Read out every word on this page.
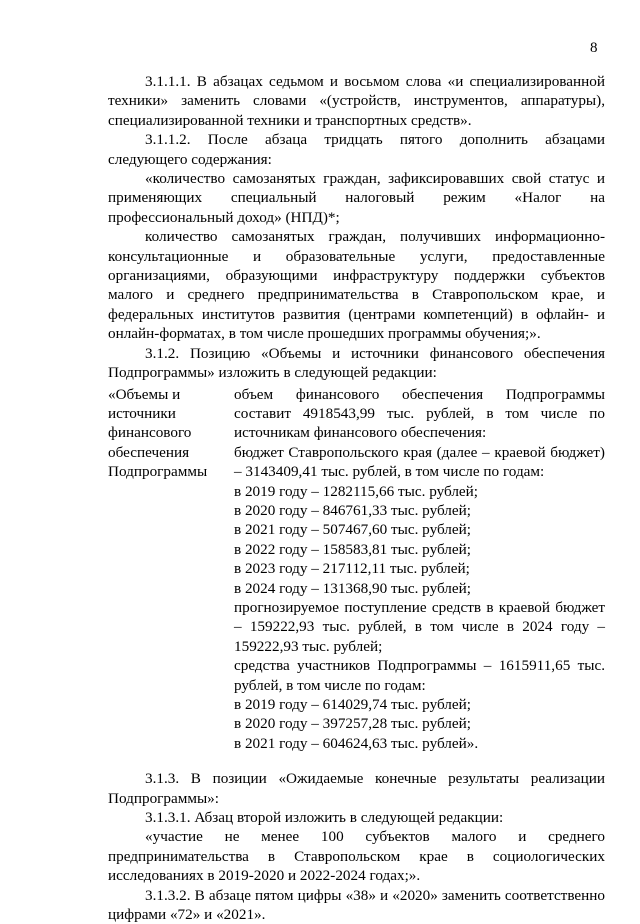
8

3.1.1.1. В абзацах седьмом и восьмом слова «и специализированной техники» заменить словами «(устройств, инструментов, аппаратуры), специализированной техники и транспортных средств».

3.1.1.2. После абзаца тридцать пятого дополнить абзацами следующего содержания:

«количество самозанятых граждан, зафиксировавших свой статус и применяющих специальный налоговый режим «Налог на профессиональный доход» (НПД)*;

количество самозанятых граждан, получивших информационно-консультационные и образовательные услуги, предоставленные организациями, образующими инфраструктуру поддержки субъектов малого и среднего предпринимательства в Ставропольском крае, и федеральных институтов развития (центрами компетенций) в офлайн- и онлайн-форматах, в том числе прошедших программы обучения;».

3.1.2. Позицию «Объемы и источники финансового обеспечения Подпрограммы» изложить в следующей редакции:

«Объемы и источники финансового обеспечения Подпрограммы
объем финансового обеспечения Подпрограммы составит 4918543,99 тыс. рублей, в том числе по источникам финансового обеспечения:
бюджет Ставропольского края (далее – краевой бюджет) – 3143409,41 тыс. рублей, в том числе по годам:
в 2019 году – 1282115,66 тыс. рублей;
в 2020 году – 846761,33 тыс. рублей;
в 2021 году – 507467,60 тыс. рублей;
в 2022 году – 158583,81 тыс. рублей;
в 2023 году – 217112,11 тыс. рублей;
в 2024 году – 131368,90 тыс. рублей;
прогнозируемое поступление средств в краевой бюджет – 159222,93 тыс. рублей, в том числе в 2024 году – 159222,93 тыс. рублей;
средства участников Подпрограммы – 1615911,65 тыс. рублей, в том числе по годам:
в 2019 году – 614029,74 тыс. рублей;
в 2020 году – 397257,28 тыс. рублей;
в 2021 году – 604624,63 тыс. рублей».

3.1.3. В позиции «Ожидаемые конечные результаты реализации Подпрограммы»:

3.1.3.1. Абзац второй изложить в следующей редакции:

«участие не менее 100 субъектов малого и среднего предпринимательства в Ставропольском крае в социологических исследованиях в 2019-2020 и 2022-2024 годах;».

3.1.3.2. В абзаце пятом цифры «38» и «2020» заменить соответственно цифрами «72» и «2021».
